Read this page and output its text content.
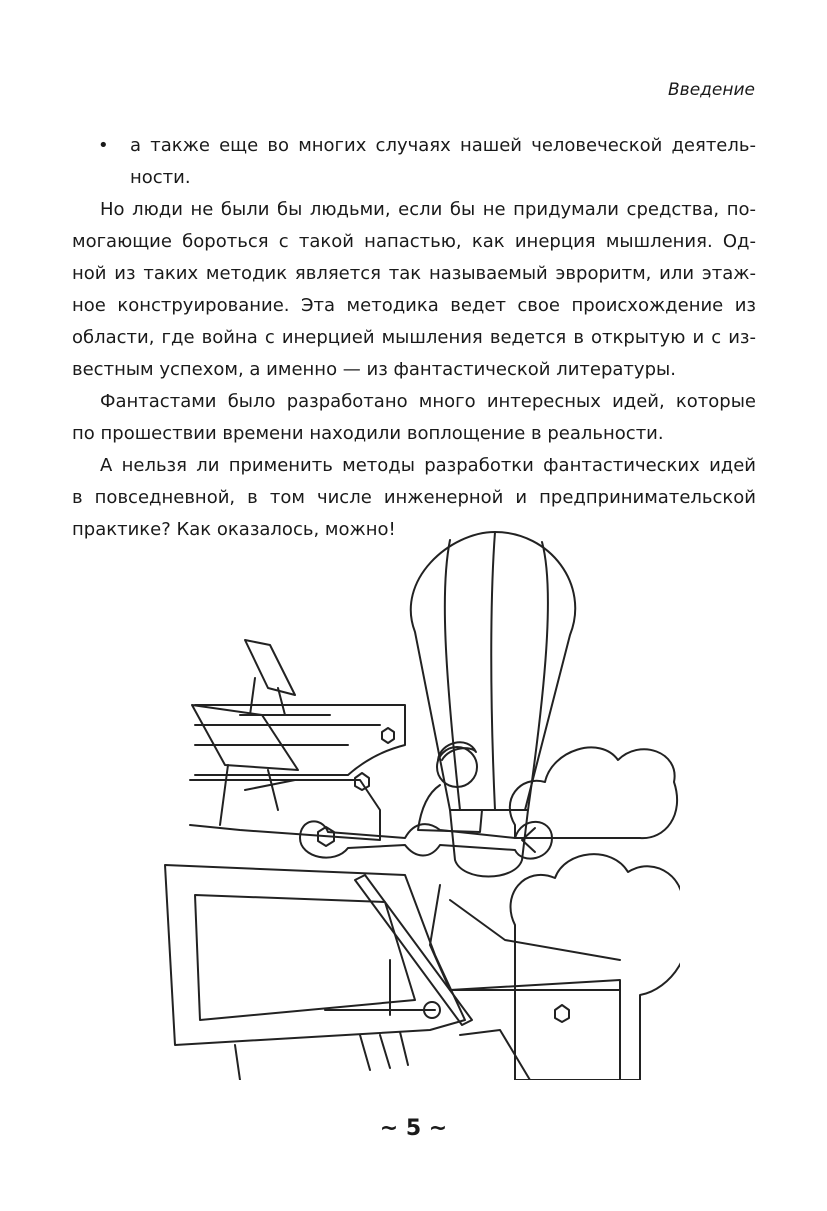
Введение
• а также еще во многих случаях нашей человеческой деятель-
ности.
Но люди не были бы людьми, если бы не придумали средства, по-
могающие бороться с такой напастью, как инерция мышления. Од-
ной из таких методик является так называемый эвроритм, или этаж-
ное конструирование. Эта методика ведет свое происхождение из
области, где война с инерцией мышления ведется в открытую и с из-
вестным успехом, а именно — из фантастической литературы.
Фантастами было разработано много интересных идей, которые
по прошествии времени находили воплощение в реальности.
А нельзя ли применить методы разработки фантастических идей
в повседневной, в том числе инженерной и предпринимательской
практике? Как оказалось, можно!
~ 5 ~
